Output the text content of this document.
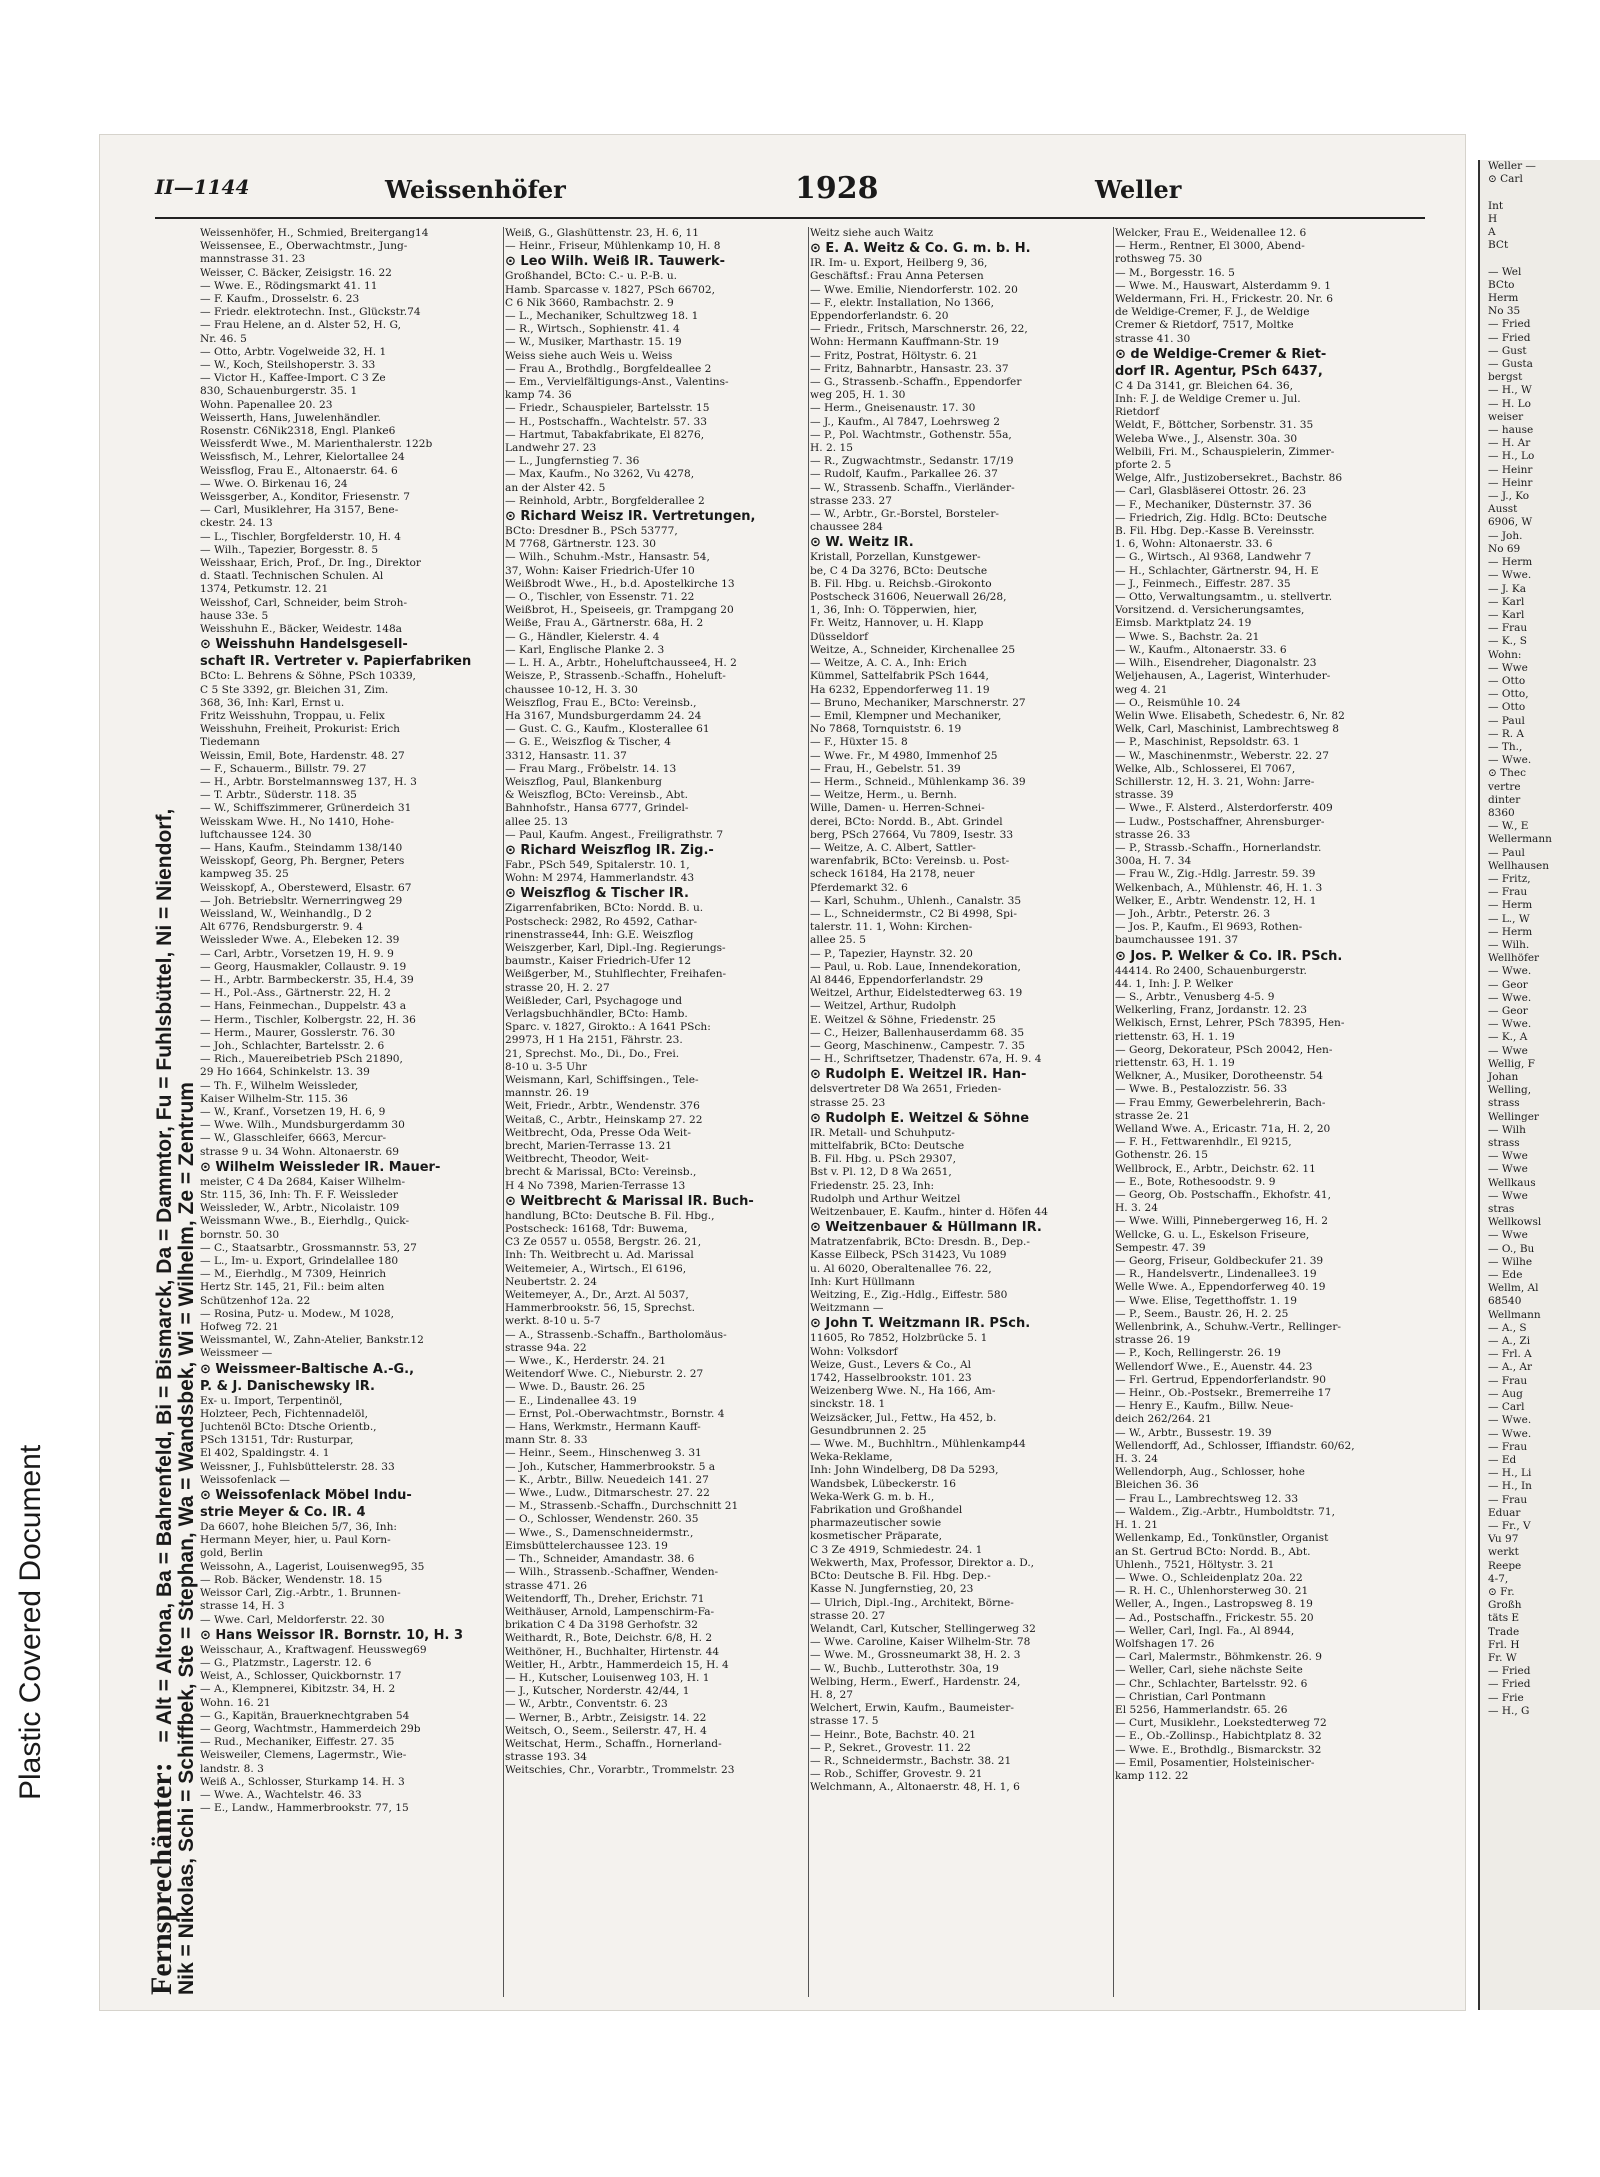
II—1144	Weissenhöfer	1928	Weller
Fernsprechämter: = Alt = Altona, Ba = Bahrenfeld, Bi = Bismarck, Da = Dammtor, Fu = Fuhlsbüttel, Ni = Niendorf, Nik = Nikolas, Schi = Schiffbek, Ste = Stephan, Wa = Wandsbek, Wi = Wilhelm, Ze = Zentrum
Weissenhöfer, H., Schmied, Breitergang14
Weissensee, E., Oberwachtmstr., Jung-
mannstrasse 31. 23
Weisser, C. Bäcker, Zeisigstr. 16. 22
— Wwe. E., Rödingsmarkt 41. 11
— F. Kaufm., Drosselstr. 6. 23
— Friedr. elektrotechn. Inst., Glückstr.74
— Frau Helene, an d. Alster 52, H. G,
Nr. 46. 5
— Otto, Arbtr. Vogelweide 32, H. 1
— W., Koch, Steilshoperstr. 3. 33
— Victor H., Kaffee-Import. C 3 Ze
830, Schauenburgerstr. 35. 1
Wohn. Papenallee 20. 23
Weisserth, Hans, Juwelenhändler.
Rosenstr. C6Nik2318, Engl. Planke6
Weissferdt Wwe., M. Marienthalerstr. 122b
Weissfisch, M., Lehrer, Kielortallee 24
Weissflog, Frau E., Altonaerstr. 64. 6
— Wwe. O. Birkenau 16, 24
Weissgerber, A., Konditor, Friesenstr. 7
— Carl, Musiklehrer, Ha 3157, Bene-
ckestr. 24. 13
— L., Tischler, Borgfelderstr. 10, H. 4
— Wilh., Tapezier, Borgesstr. 8. 5
Weisshaar, Erich, Prof., Dr. Ing., Direktor
d. Staatl. Technischen Schulen. Al
1374, Petkumstr. 12. 21
Weisshof, Carl, Schneider, beim Stroh-
hause 33e. 5
Weisshuhn E., Bäcker, Weidestr. 148a
⊙ Weisshuhn Handelsgesell-
schaft IR. Vertreter v. Papierfabriken
BCto: L. Behrens & Söhne, PSch 10339,
C 5 Ste 3392, gr. Bleichen 31, Zim.
368, 36, Inh: Karl, Ernst u.
Fritz Weisshuhn, Troppau, u. Felix
Weisshuhn, Freiheit, Prokurist: Erich
Tiedemann
Weissin, Emil, Bote, Hardenstr. 48. 27
— F., Schauerm., Billstr. 79. 27
— H., Arbtr. Borstelmannsweg 137, H. 3
— T. Arbtr., Süderstr. 118. 35
— W., Schiffszimmerer, Grünerdeich 31
Weisskam Wwe. H., No 1410, Hohe-
luftchaussee 124. 30
— Hans, Kaufm., Steindamm 138/140
Weisskopf, Georg, Ph. Bergner, Peters
kampweg 35. 25
Weisskopf, A., Oberstewerd, Elsastr. 67
— Joh. Betriebsltr. Wernerringweg 29
Weissland, W., Weinhandlg., D 2
Alt 6776, Rendsburgerstr. 9. 4
Weissleder Wwe. A., Elebeken 12. 39
— Carl, Arbtr., Vorsetzen 19, H. 9. 9
— Georg, Hausmakler, Collaustr. 9. 19
— H., Arbtr. Barmbeckerstr. 35, H.4, 39
— H., Pol.-Ass., Gärtnerstr. 22, H. 2
— Hans, Feinmechan., Duppelstr. 43 a
— Herm., Tischler, Kolbergstr. 22, H. 36
— Herm., Maurer, Gosslerstr. 76. 30
— Joh., Schlachter, Bartelsstr. 2. 6
— Rich., Mauereibetrieb PSch 21890,
29 Ho 1664, Schinkelstr. 13. 39
— Th. F., Wilhelm Weissleder,
Kaiser Wilhelm-Str. 115. 36
— W., Kranf., Vorsetzen 19, H. 6, 9
— Wwe. Wilh., Mundsburgerdamm 30
— W., Glasschleifer, 6663, Mercur-
strasse 9 u. 34 Wohn. Altonaerstr. 69
⊙ Wilhelm Weissleder IR. Mauer-
meister, C 4 Da 2684, Kaiser Wilhelm-
Str. 115, 36, Inh: Th. F. F. Weissleder
Weissleder, W., Arbtr., Nicolaistr. 109
Weissmann Wwe., B., Eierhdlg., Quick-
bornstr. 50. 30
— C., Staatsarbtr., Grossmannstr. 53, 27
— L., Im- u. Export, Grindelallee 180
— M., Eierhdlg., M 7309, Heinrich
Hertz Str. 145, 21, Fil.: beim alten
Schützenhof 12a. 22
— Rosina, Putz- u. Modew., M 1028,
Hofweg 72. 21
Weissmantel, W., Zahn-Atelier, Bankstr.12
Weissmeer —
⊙ Weissmeer-Baltische A.-G.,
P. & J. Danischewsky IR.
Ex- u. Import, Terpentinöl,
Holzteer, Pech, Fichtennadelöl,
Juchtenöl BCto: Dtsche Orientb.,
PSch 13151, Tdr: Rusturpar,
El 402, Spaldingstr. 4. 1
Weissner, J., Fuhlsbüttelerstr. 28. 33
Weissofenlack —
⊙ Weissofenlack Möbel Indu-
strie Meyer & Co. IR. 4
Da 6607, hohe Bleichen 5/7, 36, Inh:
Hermann Meyer, hier, u. Paul Korn-
gold, Berlin
Weissohn, A., Lagerist, Louisenweg95, 35
— Rob. Bäcker, Wendenstr. 18. 15
Weissor Carl, Zig.-Arbtr., 1. Brunnen-
strasse 14, H. 3
— Wwe. Carl, Meldorferstr. 22. 30
⊙ Hans Weissor IR. Bornstr. 10, H. 3
Weisschaur, A., Kraftwagenf. Heussweg69
— G., Platzmstr., Lagerstr. 12. 6
Weist, A., Schlosser, Quickbornstr. 17
— A., Klempnerei, Kibitzstr. 34, H. 2
Wohn. 16. 21
— G., Kapitän, Brauerknechtgraben 54
— Georg, Wachtmstr., Hammerdeich 29b
— Rud., Mechaniker, Eiffestr. 27. 35
Weisweiler, Clemens, Lagermstr., Wie-
landstr. 8. 3
Weiß A., Schlosser, Sturkamp 14. H. 3
— Wwe. A., Wachtelstr. 46. 33
— E., Landw., Hammerbrookstr. 77, 15
Weiß, G., Glashüttenstr. 23, H. 6, 11
— Heinr., Friseur, Mühlenkamp 10, H. 8
⊙ Leo Wilh. Weiß IR. Tauwerk-
Großhandel, BCto: C.- u. P.-B. u.
Hamb. Sparcasse v. 1827, PSch 66702,
C 6 Nik 3660, Rambachstr. 2. 9
— L., Mechaniker, Schultzweg 18. 1
— R., Wirtsch., Sophienstr. 41. 4
— W., Musiker, Marthastr. 15. 19
Weiss siehe auch Weis u. Weiss
— Frau A., Brothdlg., Borgfeldeallee 2
— Em., Vervielfältigungs-Anst., Valentins-
kamp 74. 36
— Friedr., Schauspieler, Bartelsstr. 15
— H., Postschaffn., Wachtelstr. 57. 33
— Hartmut, Tabakfabrikate, El 8276,
Landwehr 27. 23
— L., Jungfernstieg 7. 36
— Max, Kaufm., No 3262, Vu 4278,
an der Alster 42. 5
— Reinhold, Arbtr., Borgfelderallee 2
⊙ Richard Weisz IR. Vertretungen,
BCto: Dresdner B., PSch 53777,
M 7768, Gärtnerstr. 123. 30
— Wilh., Schuhm.-Mstr., Hansastr. 54,
37, Wohn: Kaiser Friedrich-Ufer 10
Weißbrodt Wwe., H., b.d. Apostelkirche 13
— O., Tischler, von Essenstr. 71. 22
Weißbrot, H., Speiseeis, gr. Trampgang 20
Weiße, Frau A., Gärtnerstr. 68a, H. 2
— G., Händler, Kielerstr. 4. 4
— Karl, Englische Planke 2. 3
— L. H. A., Arbtr., Hoheluftchaussee4, H. 2
Weisze, P., Strassenb.-Schaffn., Hoheluft-
chaussee 10-12, H. 3. 30
Weiszflog, Frau E., BCto: Vereinsb.,
Ha 3167, Mundsburgerdamm 24. 24
— Gust. C. G., Kaufm., Klosterallee 61
— G. E., Weiszflog & Tischer, 4
3312, Hansastr. 11. 37
— Frau Marg., Fröbelstr. 14. 13
Weiszflog, Paul, Blankenburg
& Weiszflog, BCto: Vereinsb., Abt.
Bahnhofstr., Hansa 6777, Grindel-
allee 25. 13
— Paul, Kaufm. Angest., Freiligrathstr. 7
⊙ Richard Weiszflog IR. Zig.-
Fabr., PSch 549, Spitalerstr. 10. 1,
Wohn: M 2974, Hammerlandstr. 43
⊙ Weiszflog & Tischer IR.
Zigarrenfabriken, BCto: Nordd. B. u.
Postscheck: 2982, Ro 4592, Cathar-
rinenstrasse44, Inh: G.E. Weiszflog
Weiszgerber, Karl, Dipl.-Ing. Regierungs-
baumstr., Kaiser Friedrich-Ufer 12
Weißgerber, M., Stuhlflechter, Freihafen-
strasse 20, H. 2. 27
Weißleder, Carl, Psychagoge und
Verlagsbuchhändler, BCto: Hamb.
Sparc. v. 1827, Girokto.: A 1641 PSch:
29973, H 1 Ha 2151, Fährstr. 23.
21, Sprechst. Mo., Di., Do., Frei.
8-10 u. 3-5 Uhr
Weismann, Karl, Schiffsingen., Tele-
mannstr. 26. 19
Weit, Friedr., Arbtr., Wendenstr. 376
Weitaß, C., Arbtr., Heinskamp 27. 22
Weitbrecht, Oda, Presse Oda Weit-
brecht, Marien-Terrasse 13. 21
Weitbrecht, Theodor, Weit-
brecht & Marissal, BCto: Vereinsb.,
H 4 No 7398, Marien-Terrasse 13
⊙ Weitbrecht & Marissal IR. Buch-
handlung, BCto: Deutsche B. Fil. Hbg.,
Postscheck: 16168, Tdr: Buwema,
C3 Ze 0557 u. 0558, Bergstr. 26. 21,
Inh: Th. Weitbrecht u. Ad. Marissal
Weitemeier, A., Wirtsch., El 6196,
Neubertstr. 2. 24
Weitemeyer, A., Dr., Arzt. Al 5037,
Hammerbrookstr. 56, 15, Sprechst.
werkt. 8-10 u. 5-7
— A., Strassenb.-Schaffn., Bartholomäus-
strasse 94a. 22
— Wwe., K., Herderstr. 24. 21
Weitendorf Wwe. C., Nieburstr. 2. 27
— Wwe. D., Baustr. 26. 25
— E., Lindenallee 43. 19
— Ernst, Pol.-Oberwachtmstr., Bornstr. 4
— Hans, Werkmstr., Hermann Kauff-
mann Str. 8. 33
— Heinr., Seem., Hinschenweg 3. 31
— Joh., Kutscher, Hammerbrookstr. 5 a
— K., Arbtr., Billw. Neuedeich 141. 27
— Wwe., Ludw., Ditmarschestr. 27. 22
— M., Strassenb.-Schaffn., Durchschnitt 21
— O., Schlosser, Wendenstr. 260. 35
— Wwe., S., Damenschneidermstr.,
Eimsbüttelerchaussee 123. 19
— Th., Schneider, Amandastr. 38. 6
— Wilh., Strassenb.-Schaffner, Wenden-
strasse 471. 26
Weitendorff, Th., Dreher, Erichstr. 71
Weithäuser, Arnold, Lampenschirm-Fa-
brikation C 4 Da 3198 Gerhofstr. 32
Weithardt, R., Bote, Deichstr. 6/8, H. 2
Weithöner, H., Buchhalter, Hirtenstr. 44
Weitler, H., Arbtr., Hammerdeich 15, H. 4
— H., Kutscher, Louisenweg 103, H. 1
— J., Kutscher, Norderstr. 42/44, 1
— W., Arbtr., Conventstr. 6. 23
— Werner, B., Arbtr., Zeisigstr. 14. 22
Weitsch, O., Seem., Seilerstr. 47, H. 4
Weitschat, Herm., Schaffn., Hornerland-
strasse 193. 34
Weitschies, Chr., Vorarbtr., Trommelstr. 23
Weitz siehe auch Waitz
⊙ E. A. Weitz & Co. G. m. b. H.
IR. Im- u. Export, Heilberg 9, 36,
Geschäftsf.: Frau Anna Petersen
— Wwe. Emilie, Niendorferstr. 102. 20
— F., elektr. Installation, No 1366,
Eppendorferlandstr. 6. 20
— Friedr., Fritsch, Marschnerstr. 26, 22,
Wohn: Hermann Kauffmann-Str. 19
— Fritz, Postrat, Höltystr. 6. 21
— Fritz, Bahnarbtr., Hansastr. 23. 37
— G., Strassenb.-Schaffn., Eppendorfer
weg 205, H. 1. 30
— Herm., Gneisenaustr. 17. 30
— J., Kaufm., Al 7847, Loehrsweg 2
— P., Pol. Wachtmstr., Gothenstr. 55a,
H. 2. 15
— R., Zugwachtmstr., Sedanstr. 17/19
— Rudolf, Kaufm., Parkallee 26. 37
— W., Strassenb. Schaffn., Vierländer-
strasse 233. 27
— W., Arbtr., Gr.-Borstel, Borsteler-
chaussee 284
⊙ W. Weitz IR.
Kristall, Porzellan, Kunstgewer-
be, C 4 Da 3276, BCto: Deutsche
B. Fil. Hbg. u. Reichsb.-Girokonto
Postscheck 31606, Neuerwall 26/28,
1, 36, Inh: O. Töpperwien, hier,
Fr. Weitz, Hannover, u. H. Klapp
Düsseldorf
Weitze, A., Schneider, Kirchenallee 25
— Weitze, A. C. A., Inh: Erich
Kümmel, Sattelfabrik PSch 1644,
Ha 6232, Eppendorferweg 11. 19
— Bruno, Mechaniker, Marschnerstr. 27
— Emil, Klempner und Mechaniker,
No 7868, Tornquiststr. 6. 19
— F., Hüxter 15. 8
— Wwe. Fr., M 4980, Immenhof 25
— Frau, H., Gebelstr. 51. 39
— Herm., Schneid., Mühlenkamp 36. 39
— Weitze, Herm., u. Bernh.
Wille, Damen- u. Herren-Schnei-
derei, BCto: Nordd. B., Abt. Grindel
berg, PSch 27664, Vu 7809, Isestr. 33
— Weitze, A. C. Albert, Sattler-
warenfabrik, BCto: Vereinsb. u. Post-
scheck 16184, Ha 2178, neuer
Pferdemarkt 32. 6
— Karl, Schuhm., Uhlenh., Canalstr. 35
— L., Schneidermstr., C2 Bi 4998, Spi-
talerstr. 11. 1, Wohn: Kirchen-
allee 25. 5
— P., Tapezier, Haynstr. 32. 20
— Paul, u. Rob. Laue, Innendekoration,
Al 8446, Eppendorferlandstr. 29
Weitzel, Arthur, Eidelstedterweg 63. 19
— Weitzel, Arthur, Rudolph
E. Weitzel & Söhne, Friedenstr. 25
— C., Heizer, Ballenhauserdamm 68. 35
— Georg, Maschinenw., Campestr. 7. 35
— H., Schriftsetzer, Thadenstr. 67a, H. 9. 4
⊙ Rudolph E. Weitzel IR. Han-
delsvertreter D8 Wa 2651, Frieden-
strasse 25. 23
⊙ Rudolph E. Weitzel & Söhne
IR. Metall- und Schuhputz-
mittelfabrik, BCto: Deutsche
B. Fil. Hbg. u. PSch 29307,
Bst v. Pl. 12, D 8 Wa 2651,
Friedenstr. 25. 23, Inh:
Rudolph und Arthur Weitzel
Weitzenbauer, E. Kaufm., hinter d. Höfen 44
⊙ Weitzenbauer & Hüllmann IR.
Matratzenfabrik, BCto: Dresdn. B., Dep.-
Kasse Eilbeck, PSch 31423, Vu 1089
u. Al 6020, Oberaltenallee 76. 22,
Inh: Kurt Hüllmann
Weitzing, E., Zig.-Hdlg., Eiffestr. 580
Weitzmann —
⊙ John T. Weitzmann IR. PSch.
11605, Ro 7852, Holzbrücke 5. 1
Wohn: Volksdorf
Weize, Gust., Levers & Co., Al
1742, Hasselbrookstr. 101. 23
Weizenberg Wwe. N., Ha 166, Am-
sinckstr. 18. 1
Weizsäcker, Jul., Fettw., Ha 452, b.
Gesundbrunnen 2. 25
— Wwe. M., Buchhltrn., Mühlenkamp44
Weka-Reklame,
Inh: John Windelberg, D8 Da 5293,
Wandsbek, Lübeckerstr. 16
Weka-Werk G. m. b. H.,
Fabrikation und Großhandel
pharmazeutischer sowie
kosmetischer Präparate,
C 3 Ze 4919, Schmiedestr. 24. 1
Wekwerth, Max, Professor, Direktor a. D.,
BCto: Deutsche B. Fil. Hbg. Dep.-
Kasse N. Jungfernstieg, 20, 23
— Ulrich, Dipl.-Ing., Architekt, Börne-
strasse 20. 27
Welandt, Carl, Kutscher, Stellingerweg 32
— Wwe. Caroline, Kaiser Wilhelm-Str. 78
— Wwe. M., Grossneumarkt 38, H. 2. 3
— W., Buchb., Lutterothstr. 30a, 19
Welbing, Herm., Ewerf., Hardenstr. 24,
H. 8, 27
Welchert, Erwin, Kaufm., Baumeister-
strasse 17. 5
— Heinr., Bote, Bachstr. 40. 21
— P., Sekret., Grovestr. 11. 22
— R., Schneidermstr., Bachstr. 38. 21
— Rob., Schiffer, Grovestr. 9. 21
Welchmann, A., Altonaerstr. 48, H. 1, 6
Welcker, Frau E., Weidenallee 12. 6
— Herm., Rentner, El 3000, Abend-
rothsweg 75. 30
— M., Borgesstr. 16. 5
— Wwe. M., Hauswart, Alsterdamm 9. 1
Weldermann, Fri. H., Frickestr. 20. Nr. 6
de Weldige-Cremer, F. J., de Weldige
Cremer & Rietdorf, 7517, Moltke
strasse 41. 30
⊙ de Weldige-Cremer & Riet-
dorf IR. Agentur, PSch 6437,
C 4 Da 3141, gr. Bleichen 64. 36,
Inh: F. J. de Weldige Cremer u. Jul.
Rietdorf
Weldt, F., Böttcher, Sorbenstr. 31. 35
Weleba Wwe., J., Alsenstr. 30a. 30
Welbili, Fri. M., Schauspielerin, Zimmer-
pforte 2. 5
Welge, Alfr., Justizobersekret., Bachstr. 86
— Carl, Glasbläserei Ottostr. 26. 23
— F., Mechaniker, Düsternstr. 37. 36
— Friedrich, Zig. Hdlg. BCto: Deutsche
B. Fil. Hbg. Dep.-Kasse B. Vereinsstr.
1. 6, Wohn: Altonaerstr. 33. 6
— G., Wirtsch., Al 9368, Landwehr 7
— H., Schlachter, Gärtnerstr. 94, H. E
— J., Feinmech., Eiffestr. 287. 35
— Otto, Verwaltungsamtm., u. stellvertr.
Vorsitzend. d. Versicherungsamtes,
Eimsb. Marktplatz 24. 19
— Wwe. S., Bachstr. 2a. 21
— W., Kaufm., Altonaerstr. 33. 6
— Wilh., Eisendreher, Diagonalstr. 23
Weljehausen, A., Lagerist, Winterhuder-
weg 4. 21
— O., Reismühle 10. 24
Welin Wwe. Elisabeth, Schedestr. 6, Nr. 82
Welk, Carl, Maschinist, Lambrechtsweg 8
— P., Maschinist, Repsoldstr. 63. 1
— W., Maschinenmstr., Weberstr. 22. 27
Welke, Alb., Schlosserei, El 7067,
Schillerstr. 12, H. 3. 21, Wohn: Jarre-
strasse. 39
— Wwe., F. Alsterd., Alsterdorferstr. 409
— Ludw., Postschaffner, Ahrensburger-
strasse 26. 33
— P., Strassb.-Schaffn., Hornerlandstr.
300a, H. 7. 34
— Frau W., Zig.-Hdlg. Jarrestr. 59. 39
Welkenbach, A., Mühlenstr. 46, H. 1. 3
Welker, E., Arbtr. Wendenstr. 12, H. 1
— Joh., Arbtr., Peterstr. 26. 3
— Jos. P., Kaufm., El 9693, Rothen-
baumchaussee 191. 37
⊙ Jos. P. Welker & Co. IR. PSch.
44414. Ro 2400, Schauenburgerstr.
44. 1, Inh: J. P. Welker
— S., Arbtr., Venusberg 4-5. 9
Welkerling, Franz, Jordanstr. 12. 23
Welkisch, Ernst, Lehrer, PSch 78395, Hen-
riettenstr. 63, H. 1. 19
— Georg, Dekorateur, PSch 20042, Hen-
riettenstr. 63, H. 1. 19
Welkner, A., Musiker, Dorotheenstr. 54
— Wwe. B., Pestalozzistr. 56. 33
— Frau Emmy, Gewerbelehrerin, Bach-
strasse 2e. 21
Welland Wwe. A., Ericastr. 71a, H. 2, 20
— F. H., Fettwarenhdlr., El 9215,
Gothenstr. 26. 15
Wellbrock, E., Arbtr., Deichstr. 62. 11
— E., Bote, Rothesoodstr. 9. 9
— Georg, Ob. Postschaffn., Ekhofstr. 41,
H. 3. 24
— Wwe. Willi, Pinnebergerweg 16, H. 2
Wellcke, G. u. L., Eskelson Friseure,
Sempestr. 47. 39
— Georg, Friseur, Goldbeckufer 21. 39
— R., Handelsvertr., Lindenallee3. 19
Welle Wwe. A., Eppendorferweg 40. 19
— Wwe. Elise, Tegetthoffstr. 1. 19
— P., Seem., Baustr. 26, H. 2. 25
Wellenbrink, A., Schuhw.-Vertr., Rellinger-
strasse 26. 19
— P., Koch, Rellingerstr. 26. 19
Wellendorf Wwe., E., Auenstr. 44. 23
— Frl. Gertrud, Eppendorferlandstr. 90
— Heinr., Ob.-Postsekr., Bremerreihe 17
— Henry E., Kaufm., Billw. Neue-
deich 262/264. 21
— W., Arbtr., Bussestr. 19. 39
Wellendorff, Ad., Schlosser, Iffiandstr. 60/62,
H. 3. 24
Wellendorph, Aug., Schlosser, hohe
Bleichen 36. 36
— Frau L., Lambrechtsweg 12. 33
— Waldem., Zig.-Arbtr., Humboldtstr. 71,
H. 1. 21
Wellenkamp, Ed., Tonkünstler, Organist
an St. Gertrud BCto: Nordd. B., Abt.
Uhlenh., 7521, Höltystr. 3. 21
— Wwe. O., Schleidenplatz 20a. 22
— R. H. C., Uhlenhorsterweg 30. 21
Weller, A., Ingen., Lastropsweg 8. 19
— Ad., Postschaffn., Frickestr. 55. 20
— Weller, Carl, Ingl. Fa., Al 8944,
Wolfshagen 17. 26
— Carl, Malermstr., Böhmkenstr. 26. 9
— Weller, Carl, siehe nächste Seite
— Chr., Schlachter, Bartelsstr. 92. 6
— Christian, Carl Pontmann
El 5256, Hammerlandstr. 65. 26
— Curt, Musiklehr., Loekstedterweg 72
— E., Ob.-Zollinsp., Habichtplatz 8. 32
— Wwe. E., Brothdlg., Bismarckstr. 32
— Emil, Posamentier, Holsteinischer-
kamp 112. 22
Weller —
⊙ Carl

Int
H
A
BCt

— Wel
BCto
Herm
No 35
— Fried
— Fried
— Gust
— Gusta
bergst
— H., W
— H. Lo
weiser
— hause
— H. Ar
— H., Lo
— Heinr
— Heinr
— J., Ko
Ausst
6906, W
— Joh.
No 69
— Herm
— Wwe.
— J. Ka
— Karl
— Karl
— Frau
— K., S
Wohn:
— Wwe
— Otto
— Otto,
— Otto
— Paul
— R. A
— Th.,
— Wwe.
⊙ Thec
vertre
dinter
8360
— W., E
Wellermann
— Paul
Wellhausen
— Fritz,
— Frau
— Herm
— L., W
— Herm
— Wilh.
Wellhöfer
— Wwe.
— Geor
— Wwe.
— Geor
— Wwe.
— K., A
— Wwe
Wellig, F
Johan
Welling,
strass
Wellinger
— Wilh
strass
— Wwe
— Wwe
Wellkaus
— Wwe
stras
Wellkowsl
— Wwe
— O., Bu
— Wilhe
— Ede
Wellm, Al
68540
Wellmann
— A., S
— A., Zi
— Frl. A
— A., Ar
— Frau
— Aug
— Carl
— Wwe.
— Wwe.
— Frau
— Ed
— H., Li
— H., In
— Frau
Eduar
— Fr., V
Vu 97
werkt
Reepe
4-7,
⊙ Fr.
Großh
täts E
Trade
Frl. H
Fr. W
— Fried
— Fried
— Frie
— H., G
Plastic Covered Document
